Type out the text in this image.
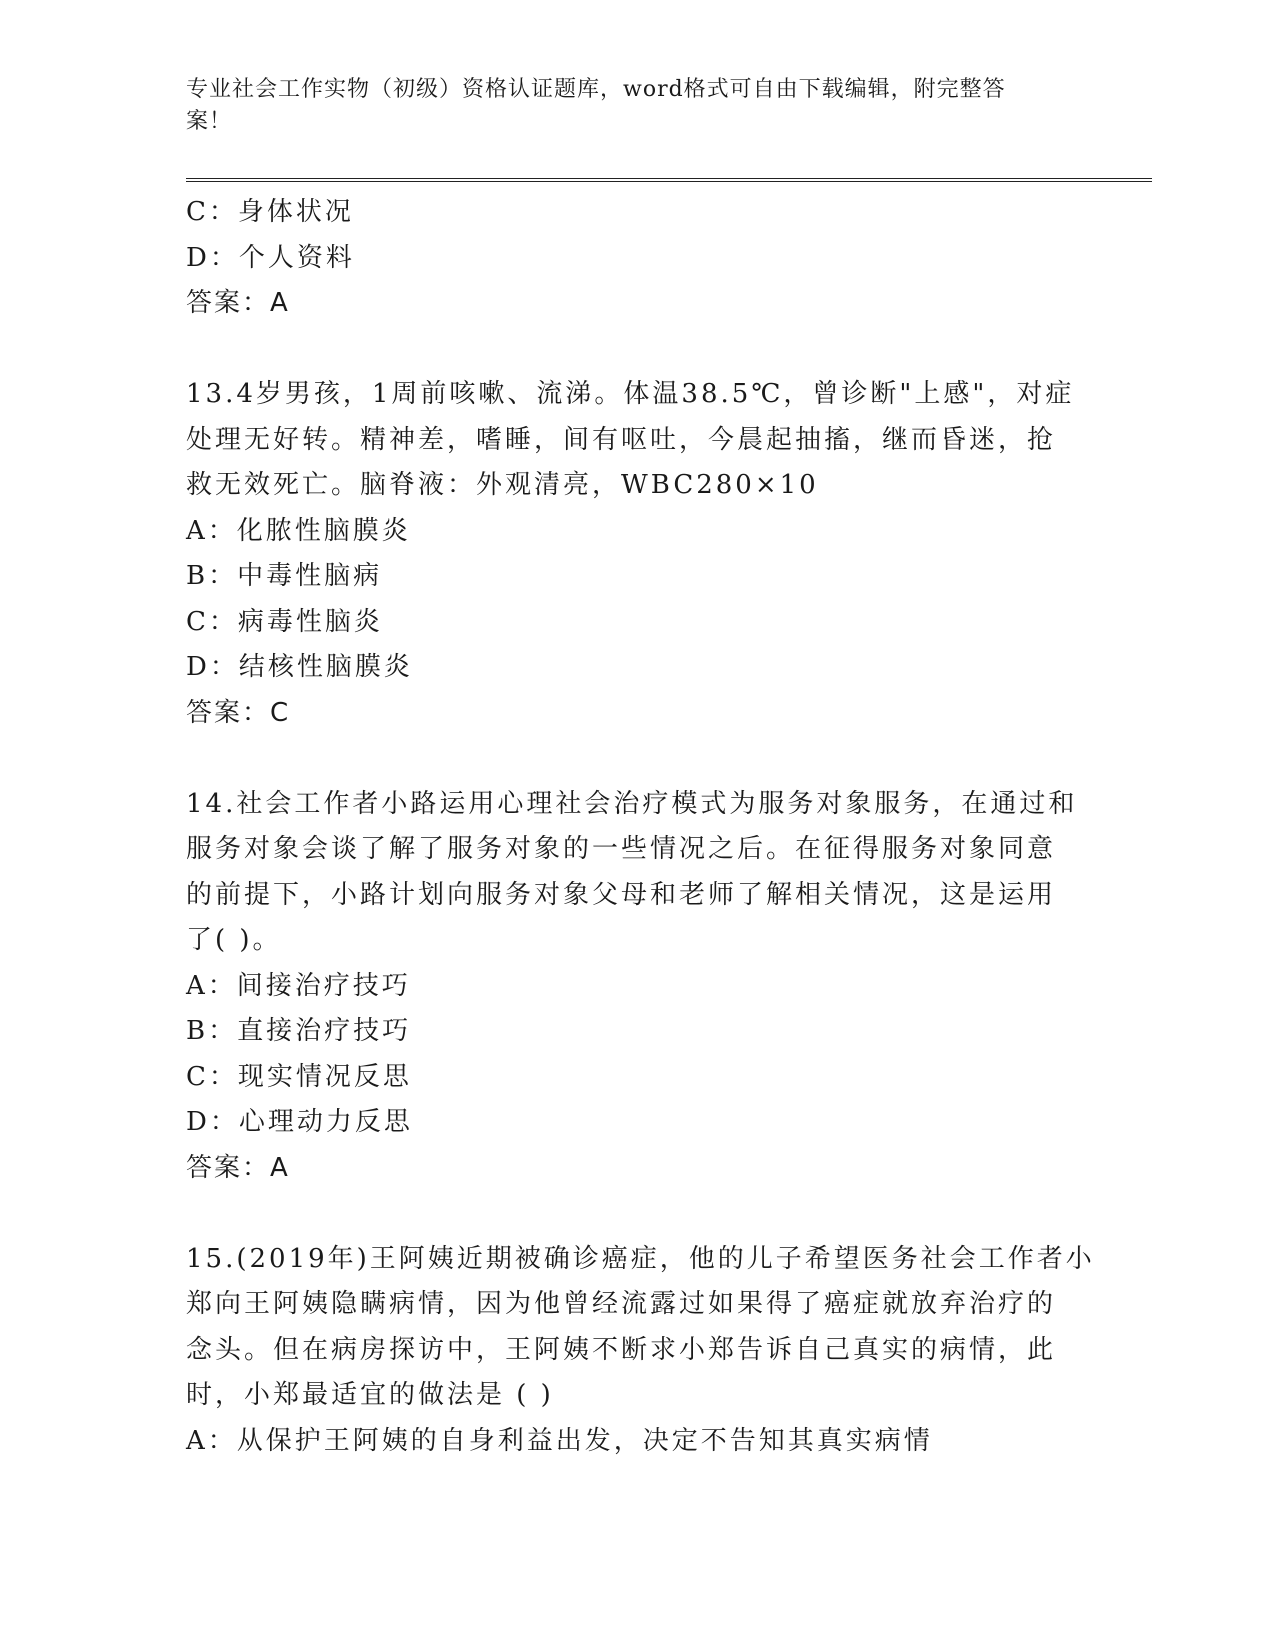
专业社会工作实物（初级）资格认证题库，word格式可自由下载编辑，附完整答
案！
C：身体状况
D：个人资料
答案：A
13.4岁男孩，1周前咳嗽、流涕。体温38.5℃，曾诊断"上感"，对症
处理无好转。精神差，嗜睡，间有呕吐，今晨起抽搐，继而昏迷，抢
救无效死亡。脑脊液：外观清亮，WBC280×10
A：化脓性脑膜炎
B：中毒性脑病
C：病毒性脑炎
D：结核性脑膜炎
答案：C
14.社会工作者小路运用心理社会治疗模式为服务对象服务，在通过和
服务对象会谈了解了服务对象的一些情况之后。在征得服务对象同意
的前提下，小路计划向服务对象父母和老师了解相关情况，这是运用
了( )。
A：间接治疗技巧
B：直接治疗技巧
C：现实情况反思
D：心理动力反思
答案：A
15.(2019年)王阿姨近期被确诊癌症，他的儿子希望医务社会工作者小
郑向王阿姨隐瞒病情，因为他曾经流露过如果得了癌症就放弃治疗的
念头。但在病房探访中，王阿姨不断求小郑告诉自己真实的病情，此
时，小郑最适宜的做法是 ( )
A：从保护王阿姨的自身利益出发，决定不告知其真实病情
